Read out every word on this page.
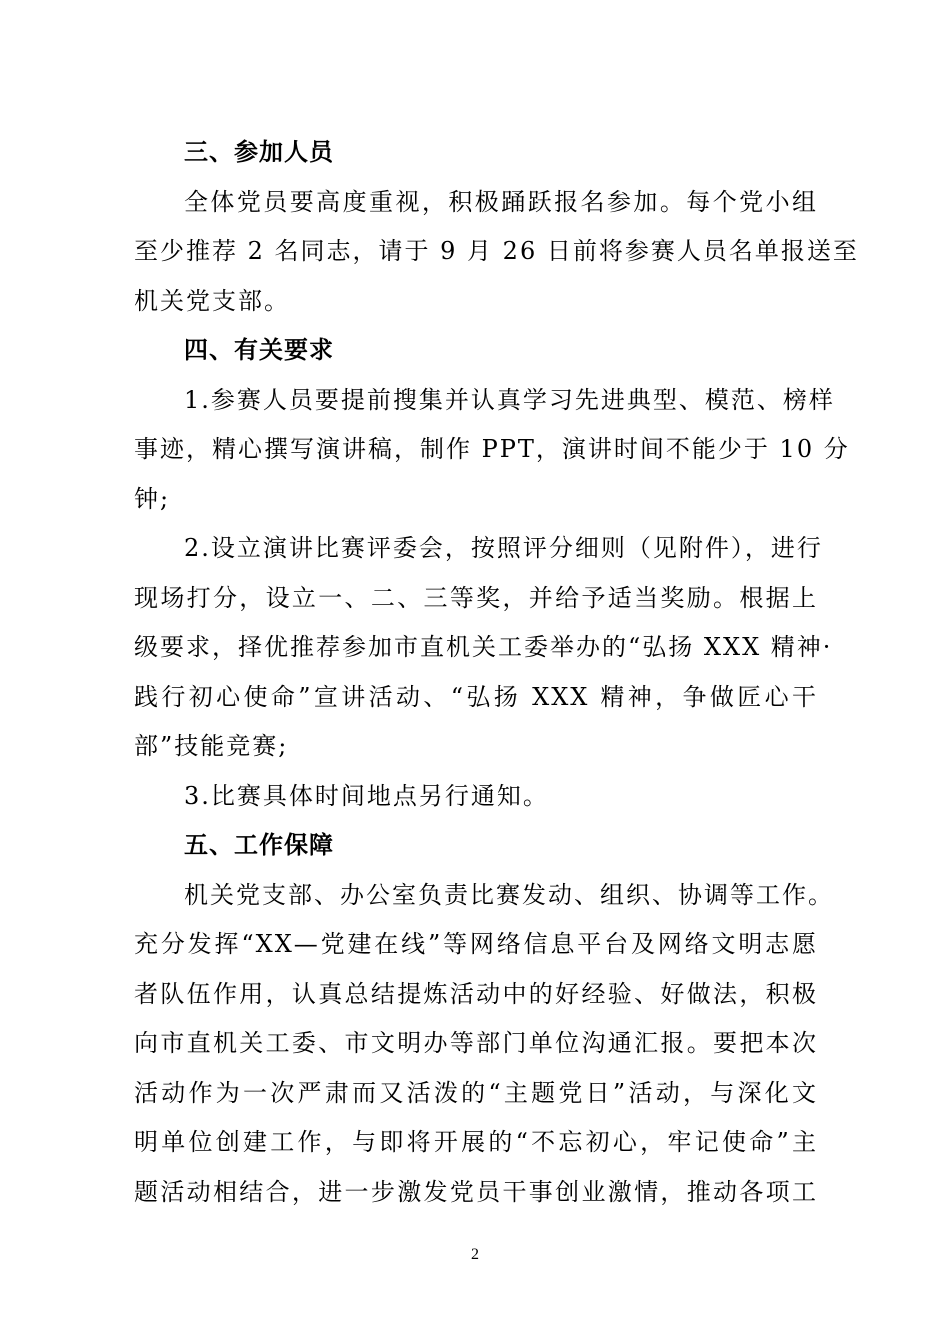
三、参加人员
全体党员要高度重视，积极踊跃报名参加。每个党小组
至少推荐 2 名同志，请于 9 月 26 日前将参赛人员名单报送至
机关党支部。
四、有关要求
1.参赛人员要提前搜集并认真学习先进典型、模范、榜样
事迹，精心撰写演讲稿，制作 PPT，演讲时间不能少于 10 分
钟;
2.设立演讲比赛评委会，按照评分细则（见附件），进行
现场打分，设立一、二、三等奖，并给予适当奖励。根据上
级要求，择优推荐参加市直机关工委举办的“弘扬 XXX 精神·
践行初心使命”宣讲活动、“弘扬 XXX 精神，争做匠心干
部”技能竞赛;
3.比赛具体时间地点另行通知。
五、工作保障
机关党支部、办公室负责比赛发动、组织、协调等工作。
充分发挥“XX—党建在线”等网络信息平台及网络文明志愿
者队伍作用，认真总结提炼活动中的好经验、好做法，积极
向市直机关工委、市文明办等部门单位沟通汇报。要把本次
活动作为一次严肃而又活泼的“主题党日”活动，与深化文
明单位创建工作，与即将开展的“不忘初心，牢记使命”主
题活动相结合，进一步激发党员干事创业激情，推动各项工
2
